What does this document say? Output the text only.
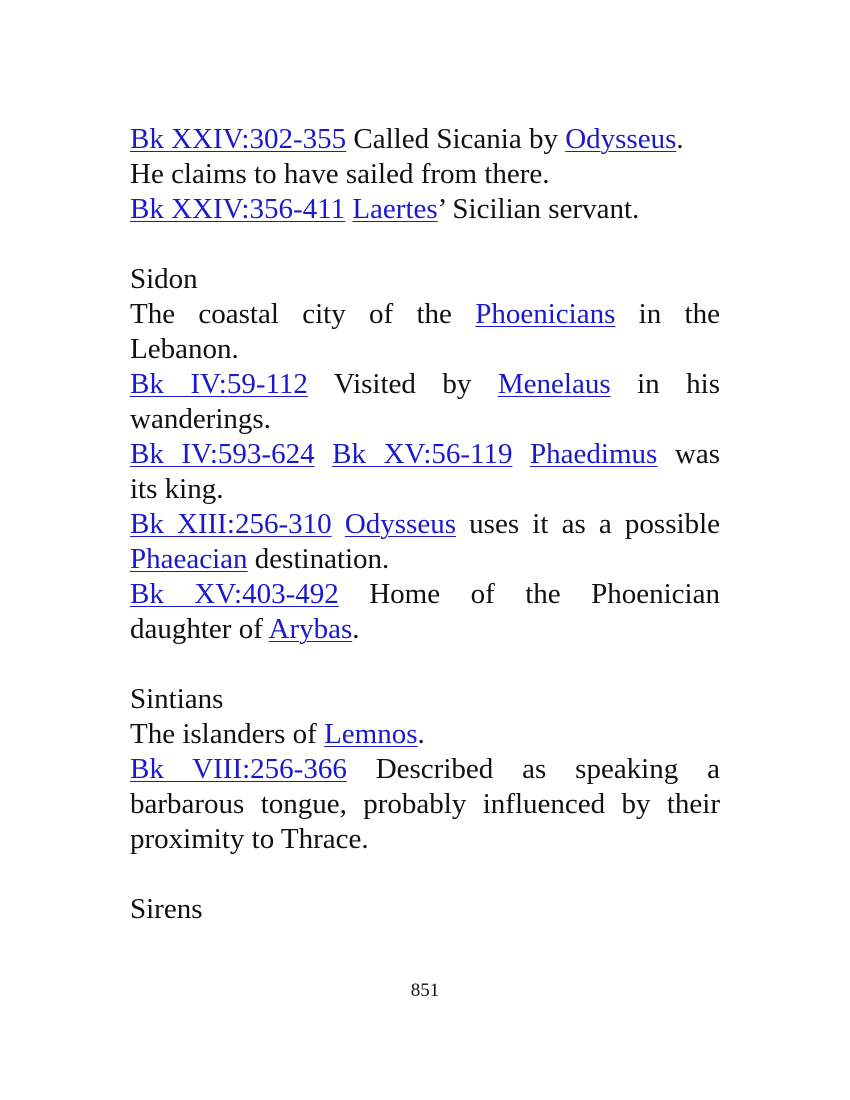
Bk XXIV:302-355 Called Sicania by Odysseus.
He claims to have sailed from there.
Bk XXIV:356-411 Laertes’ Sicilian servant.
Sidon
The coastal city of the Phoenicians in the
Lebanon.
Bk IV:59-112 Visited by Menelaus in his
wanderings.
Bk IV:593-624 Bk XV:56-119 Phaedimus was
its king.
Bk XIII:256-310 Odysseus uses it as a possible
Phaeacian destination.
Bk XV:403-492 Home of the Phoenician
daughter of Arybas.
Sintians
The islanders of Lemnos.
Bk VIII:256-366 Described as speaking a
barbarous tongue, probably influenced by their
proximity to Thrace.
Sirens
851
